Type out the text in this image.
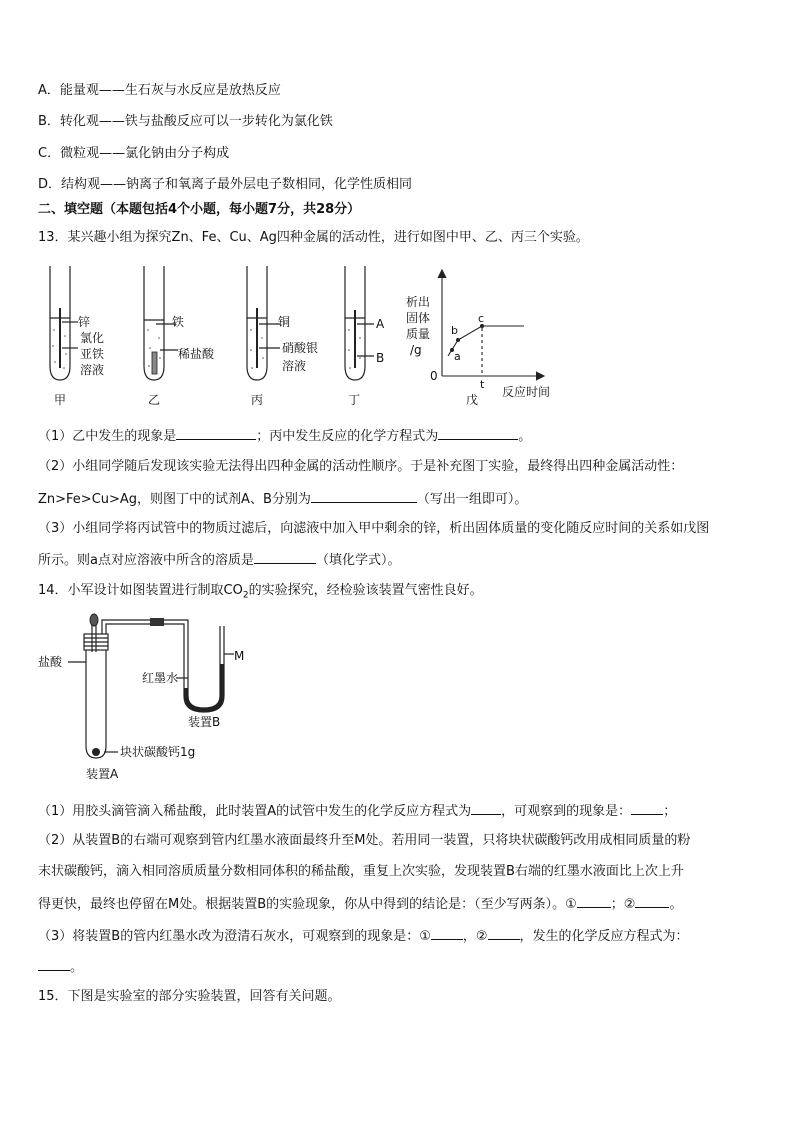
A．能量观——生石灰与水反应是放热反应
B．转化观——铁与盐酸反应可以一步转化为氯化铁
C．微粒观——氯化钠由分子构成
D．结构观——钠离子和氧离子最外层电子数相同，化学性质相同
二、填空题（本题包括4个小题，每小题7分，共28分）
13．某兴趣小组为探究Zn、Fe、Cu、Ag四种金属的活动性，进行如图中甲、乙、丙三个实验。
锌
氯化
亚铁
溶液
甲
铁
稀盐酸
乙
铜
硝酸银
溶液
丙
A
B
丁
析出
固体
质量
/g
0
a
b
c
t
反应时间
戊
（1）乙中发生的现象是	；丙中发生反应的化学方程式为	。
（2）小组同学随后发现该实验无法得出四种金属的活动性顺序。于是补充图丁实验，最终得出四种金属活动性：
Zn>Fe>Cu>Ag，则图丁中的试剂A、B分别为	（写出一组即可）。
（3）小组同学将丙试管中的物质过滤后，向滤液中加入甲中剩余的锌，析出固体质量的变化随反应时间的关系如戊图
所示。则a点对应溶液中所含的溶质是	（填化学式）。
14．小军设计如图装置进行制取$CO_2$的实验探究，经检验该装置气密性良好。
盐酸
红墨水
M
装置B
块状碳酸钙1g
装置A
（1）用胶头滴管滴入稀盐酸，此时装置A的试管中发生的化学反应方程式为 ，可观察到的现象是： ；
（2）从装置B的右端可观察到管内红墨水液面最终升至M处。若用同一装置，只将块状碳酸钙改用成相同质量的粉
末状碳酸钙，滴入相同溶质质量分数相同体积的稀盐酸，重复上次实验，发现装置B右端的红墨水液面比上次上升
得更快，最终也停留在M处。根据装置B的实验现象，你从中得到的结论是：（至少写两条）。①	；②	。
（3）将装置B的管内红墨水改为澄清石灰水，可观察到的现象是：① ，② ，发生的化学反应方程式为：
。
15．下图是实验室的部分实验装置，回答有关问题。
